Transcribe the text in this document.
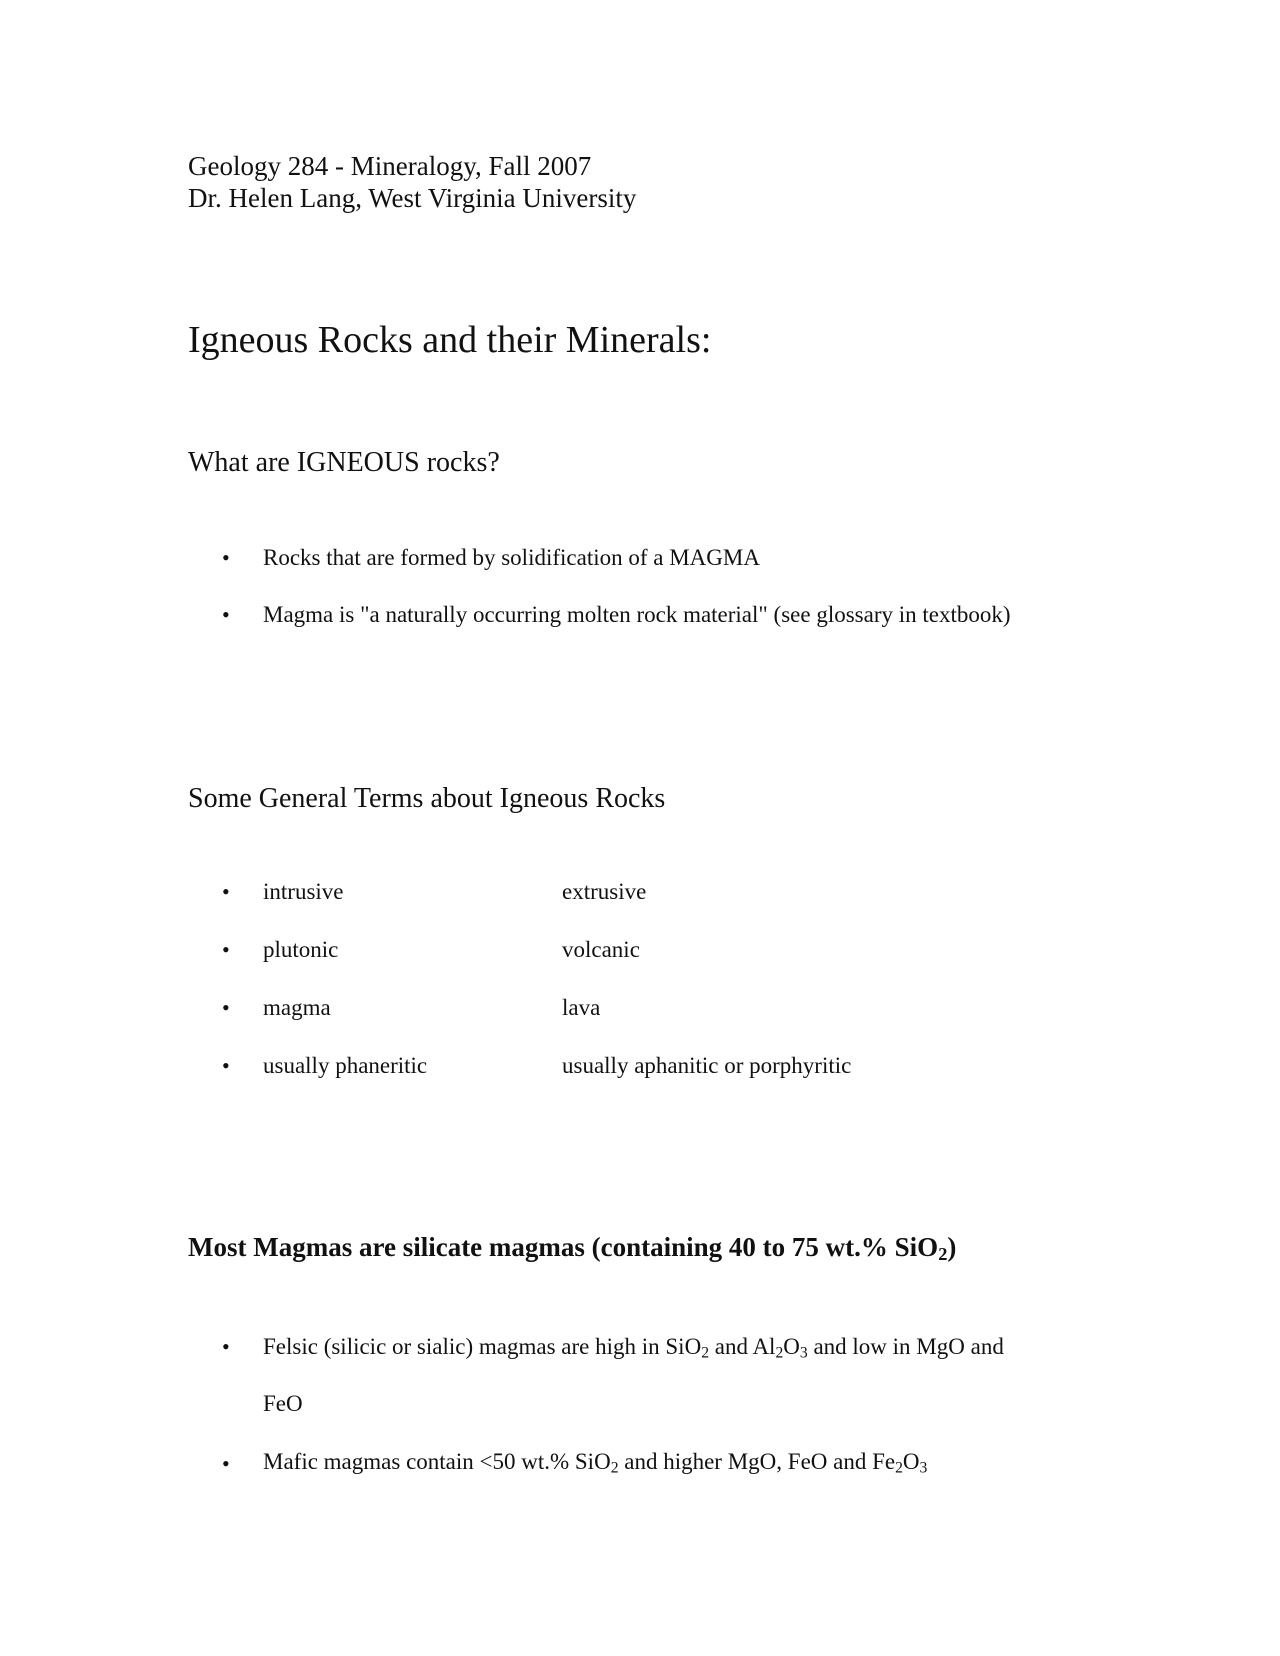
Geology 284 - Mineralogy, Fall 2007
Dr. Helen Lang, West Virginia University
Igneous Rocks and their Minerals:
What are IGNEOUS rocks?
• Rocks that are formed by solidification of a MAGMA
• Magma is "a naturally occurring molten rock material" (see glossary in textbook)
Some General Terms about Igneous Rocks
• intrusive	extrusive
• plutonic	volcanic
• magma	lava
• usually phaneritic	usually aphanitic or porphyritic
Most Magmas are silicate magmas (containing 40 to 75 wt.% SiO$_2$)
• Felsic (silicic or sialic) magmas are high in SiO$_2$ and $Al_2O_3$ and low in MgO and
FeO
• Mafic magmas contain <50 wt.% SiO$_2$ and higher MgO, FeO and $Fe_2O_3$
